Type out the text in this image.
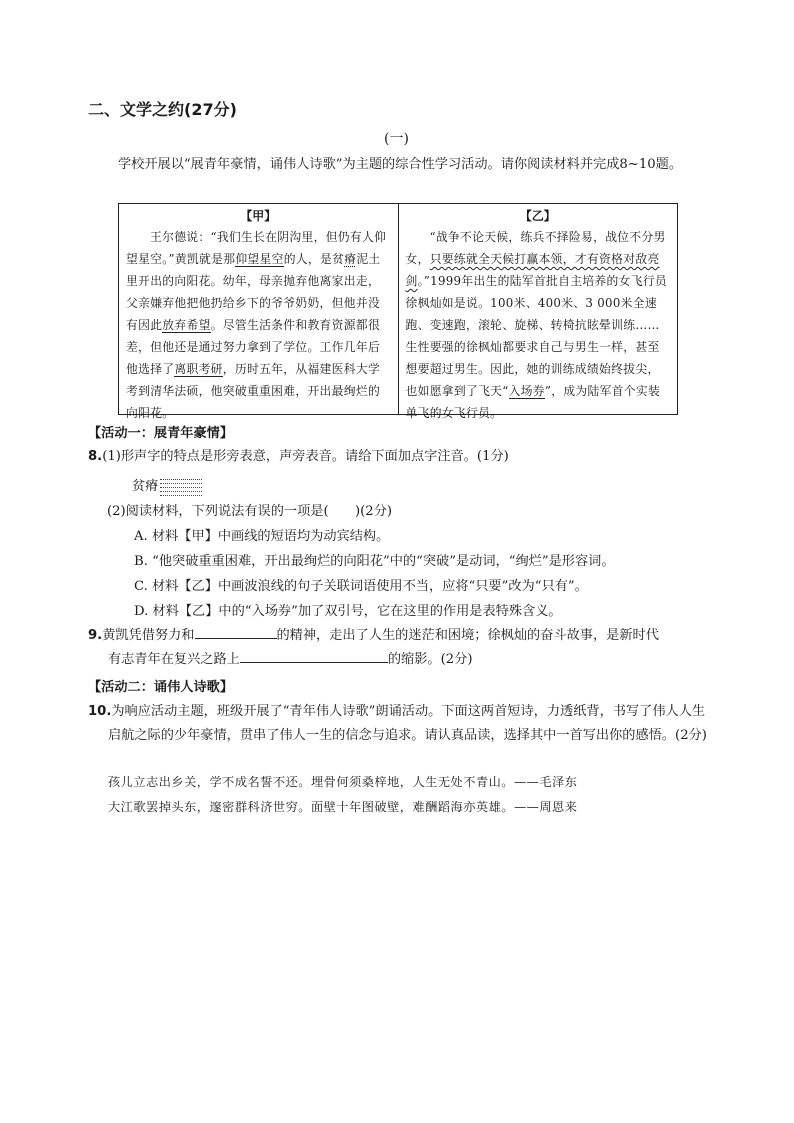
二、文学之约(27分)
(一)
学校开展以“展青年豪情，诵伟人诗歌”为主题的综合性学习活动。请你阅读材料并完成8~10题。
【甲】
王尔德说：“我们生长在阴沟里，但仍有人仰望星空。”黄凯就是那仰望星空的人，是贫瘠泥土里开出的向阳花。幼年，母亲抛弃他离家出走，父亲嫌弃他把他扔给乡下的爷爷奶奶，但他并没有因此放弃希望。尽管生活条件和教育资源都很差，但他还是通过努力拿到了学位。工作几年后他选择了离职考研，历时五年，从福建医科大学考到清华法硕，他突破重重困难，开出最绚烂的向阳花。
【乙】
“战争不论天候，练兵不择险易，战位不分男女，只要练就全天候打赢本领，才有资格对敌亮剑。”1999年出生的陆军首批自主培养的女飞行员徐枫灿如是说。100米、400米、3 000米全速跑、变速跑，滚轮、旋梯、转椅抗眩晕训练……生性要强的徐枫灿都要求自己与男生一样，甚至想要超过男生。因此，她的训练成绩始终拔尖，也如愿拿到了飞天“入场券”，成为陆军首个实装单飞的女飞行员。
【活动一：展青年豪情】
8.(1)形声字的特点是形旁表意，声旁表音。请给下面加点字注音。(1分)
贫瘠
(2)阅读材料，下列说法有误的一项是(　　)(2分)
A. 材料【甲】中画线的短语均为动宾结构。
B. “他突破重重困难，开出最绚烂的向阳花”中的“突破”是动词，“绚烂”是形容词。
C. 材料【乙】中画波浪线的句子关联词语使用不当，应将“只要”改为“只有”。
D. 材料【乙】中的“入场券”加了双引号，它在这里的作用是表特殊含义。
9.黄凯凭借努力和	的精神，走出了人生的迷茫和困境；徐枫灿的奋斗故事，是新时代
有志青年在复兴之路上	的缩影。(2分)
【活动二：诵伟人诗歌】
10.为响应活动主题，班级开展了“青年伟人诗歌”朗诵活动。下面这两首短诗，力透纸背，书写了伟人人生启航之际的少年豪情，贯串了伟人一生的信念与追求。请认真品读，选择其中一首写出你的感悟。(2分)
孩儿立志出乡关，学不成名誓不还。埋骨何须桑梓地，人生无处不青山。——毛泽东
大江歌罢掉头东，邃密群科济世穷。面壁十年图破壁，难酬蹈海亦英雄。——周恩来
